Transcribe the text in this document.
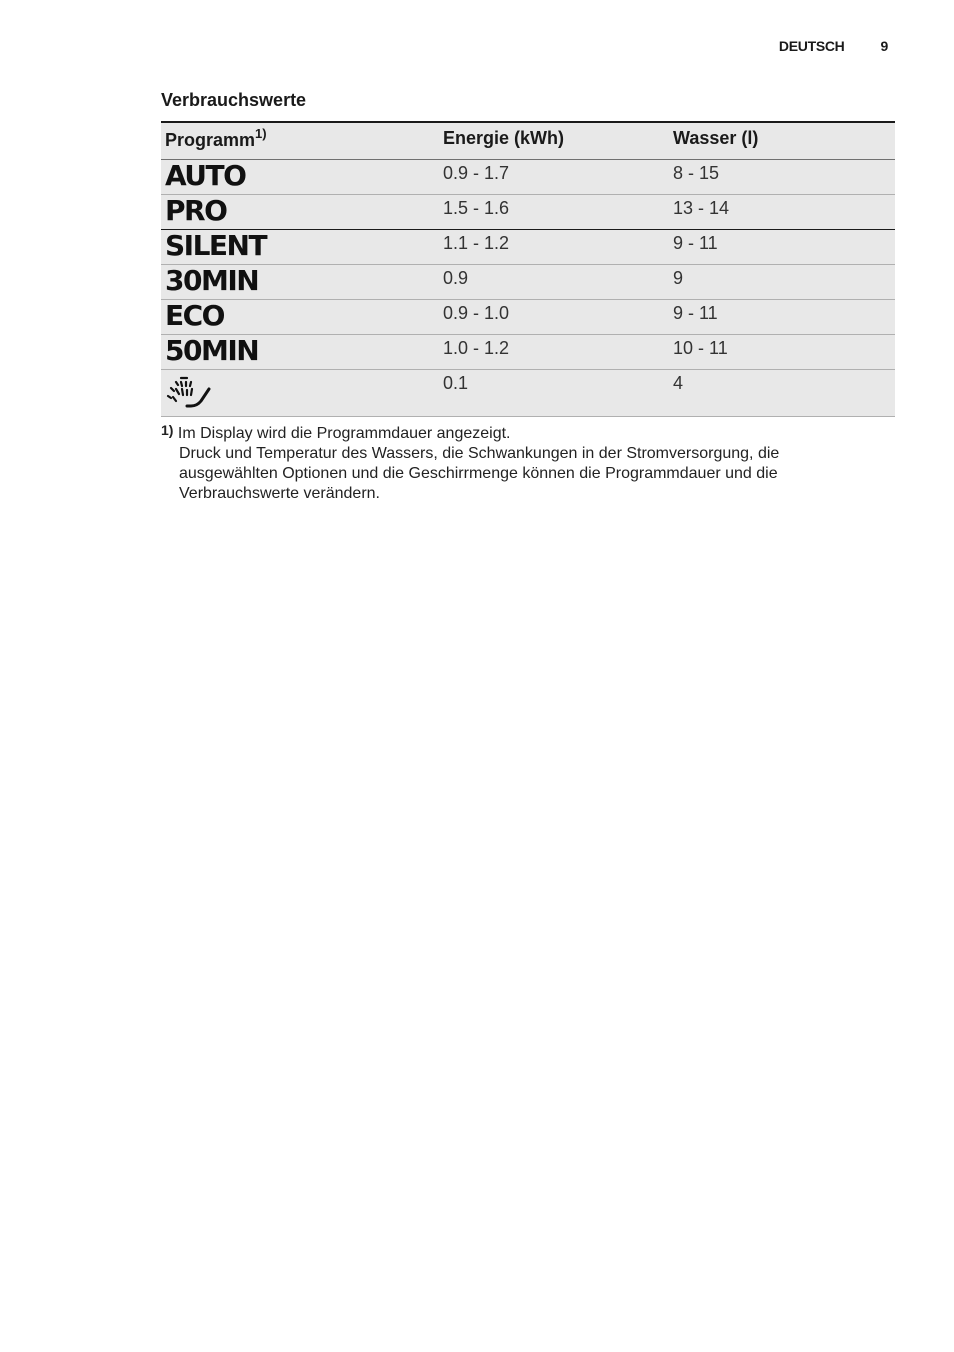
DEUTSCH	9
Verbrauchswerte
Programm$^{1)}$	Energie (kWh)	Wasser (l)
AUTO	0.9 - 1.7	8 - 15
PRO	1.5 - 1.6	13 - 14
SILENT	1.1 - 1.2	9 - 11
30MIN	0.9	9
ECO	0.9 - 1.0	9 - 11
50MIN	1.0 - 1.2	10 - 11
	0.1	4
1) Im Display wird die Programmdauer angezeigt.
Druck und Temperatur des Wassers, die Schwankungen in der Stromversorgung, die ausgewählten Optionen und die Geschirrmenge können die Programmdauer und die Verbrauchswerte verändern.
